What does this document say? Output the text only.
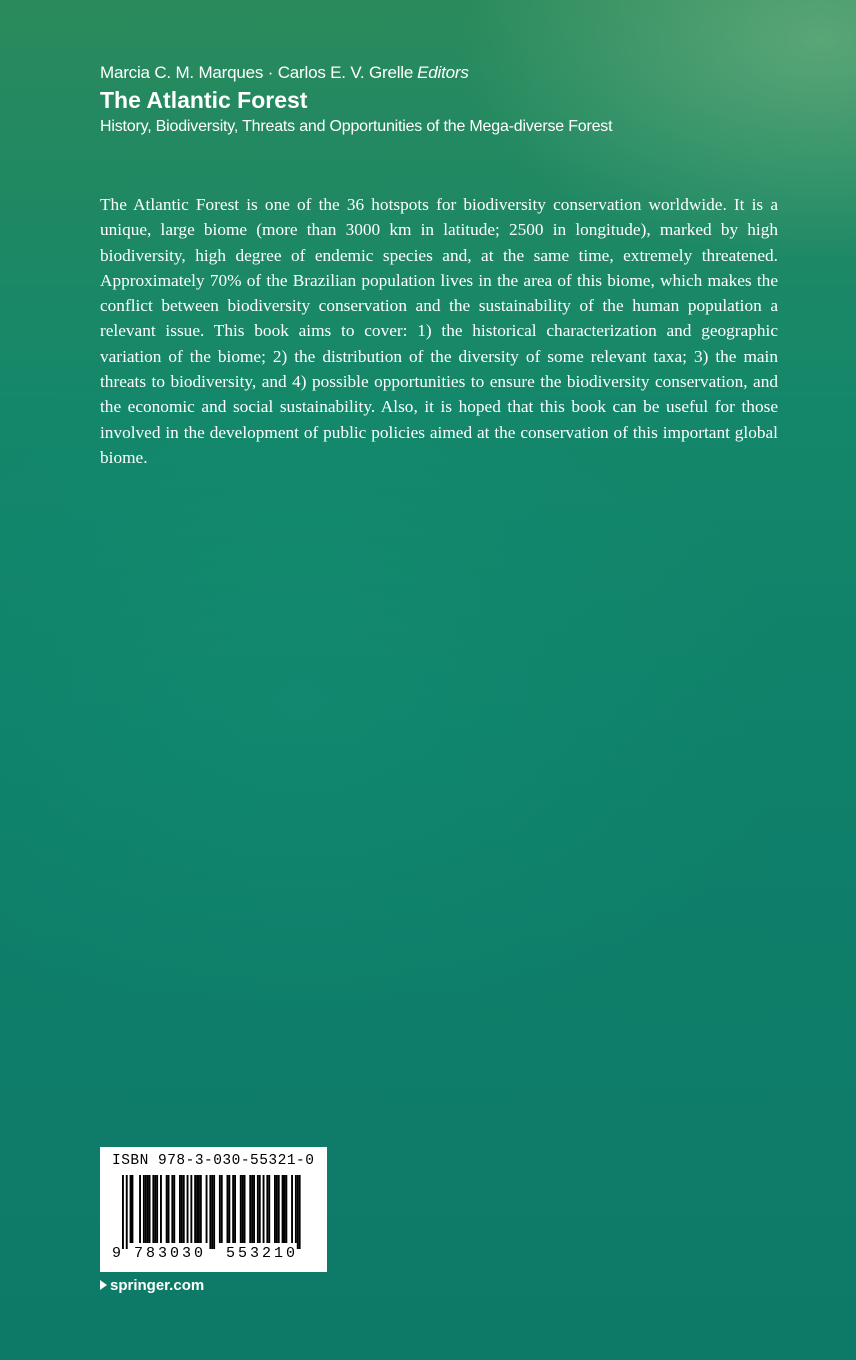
Marcia C. M. Marques · Carlos E. V. Grelle Editors
The Atlantic Forest
History, Biodiversity, Threats and Opportunities of the Mega-diverse Forest

The Atlantic Forest is one of the 36 hotspots for biodiversity conservation worldwide. It is a unique, large biome (more than 3000 km in latitude; 2500 in longitude), marked by high biodiversity, high degree of endemic species and, at the same time, extremely threatened. Approximately 70% of the Brazilian population lives in the area of this biome, which makes the conflict between biodiversity conservation and the sustainability of the human population a relevant issue. This book aims to cover: 1) the historical characterization and geographic variation of the biome; 2) the distribution of the diversity of some relevant taxa; 3) the main threats to biodiversity, and 4) possible opportunities to ensure the biodiversity conservation, and the economic and social sustainability. Also, it is hoped that this book can be useful for those involved in the development of public policies aimed at the conservation of this important global biome.

ISBN 978-3-030-55321-0
9 783030 553210
springer.com
